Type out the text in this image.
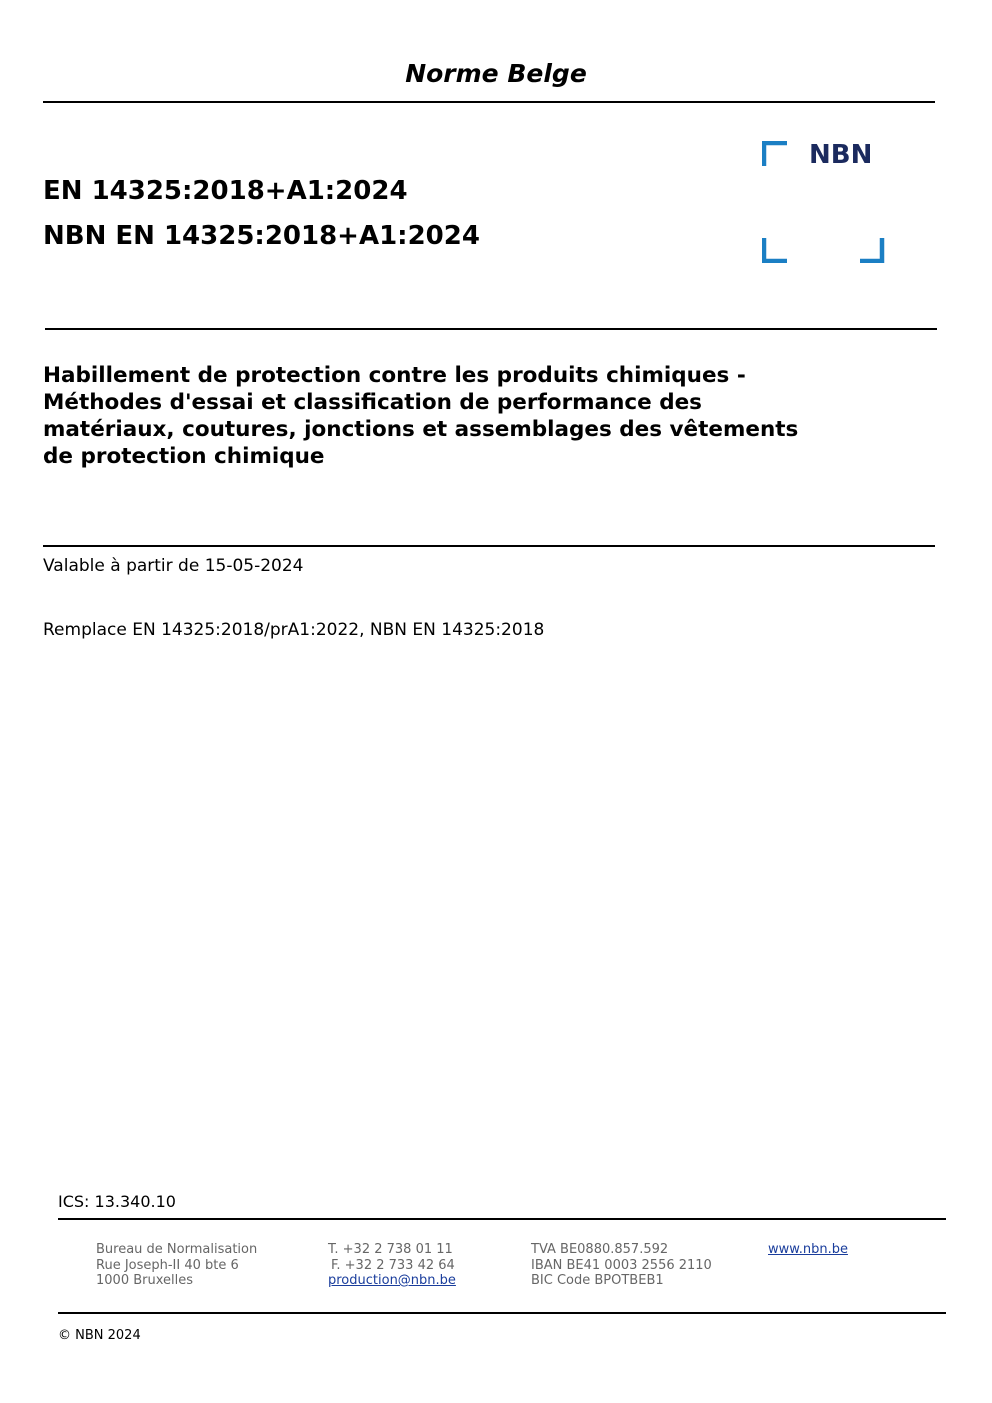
Norme Belge
EN 14325:2018+A1:2024
NBN EN 14325:2018+A1:2024
NBN
Habillement de protection contre les produits chimiques -
Méthodes d'essai et classification de performance des
matériaux, coutures, jonctions et assemblages des vêtements
de protection chimique
Valable à partir de 15-05-2024
Remplace EN 14325:2018/prA1:2022, NBN EN 14325:2018
ICS: 13.340.10
Bureau de Normalisation
Rue Joseph-II 40 bte 6
1000 Bruxelles
T. +32 2 738 01 11
F. +32 2 733 42 64
production@nbn.be
TVA BE0880.857.592
IBAN BE41 0003 2556 2110
BIC Code BPOTBEB1
www.nbn.be
© NBN 2024
